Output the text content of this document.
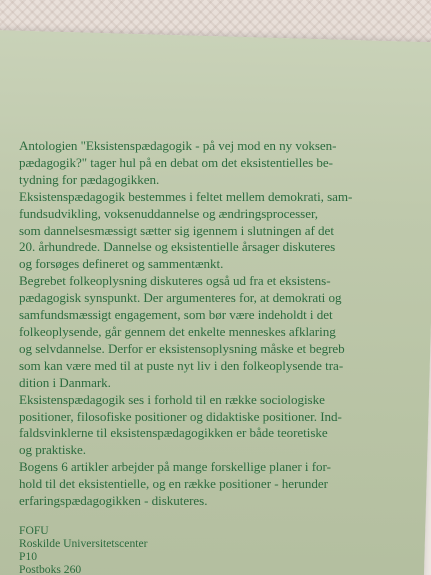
Antologien "Eksistenspædagogik - på vej mod en ny voksen-
pædagogik?" tager hul på en debat om det eksistentielles be-
tydning for pædagogikken.

Eksistenspædagogik bestemmes i feltet mellem demokrati, sam-
fundsudvikling, voksenuddannelse og ændringsprocesser,
som dannelsesmæssigt sætter sig igennem i slutningen af det
20. århundrede. Dannelse og eksistentielle årsager diskuteres
og forsøges defineret og sammentænkt.

Begrebet folkeoplysning diskuteres også ud fra et eksistens-
pædagogisk synspunkt. Der argumenteres for, at demokrati og
samfundsmæssigt engagement, som bør være indeholdt i det
folkeoplysende, går gennem det enkelte menneskes afklaring
og selvdannelse. Derfor er eksistensoplysning måske et begreb
som kan være med til at puste nyt liv i den folkeoplysende tra-
dition i Danmark.

Eksistenspædagogik ses i forhold til en række sociologiske
positioner, filosofiske positioner og didaktiske positioner. Ind-
faldsvinklerne til eksistenspædagogikken er både teoretiske
og praktiske.

Bogens 6 artikler arbejder på mange forskellige planer i for-
hold til det eksistentielle, og en række positioner - herunder
erfaringspædagogikken - diskuteres.

FOFU
Roskilde Universitetscenter
P10
Postboks 260
